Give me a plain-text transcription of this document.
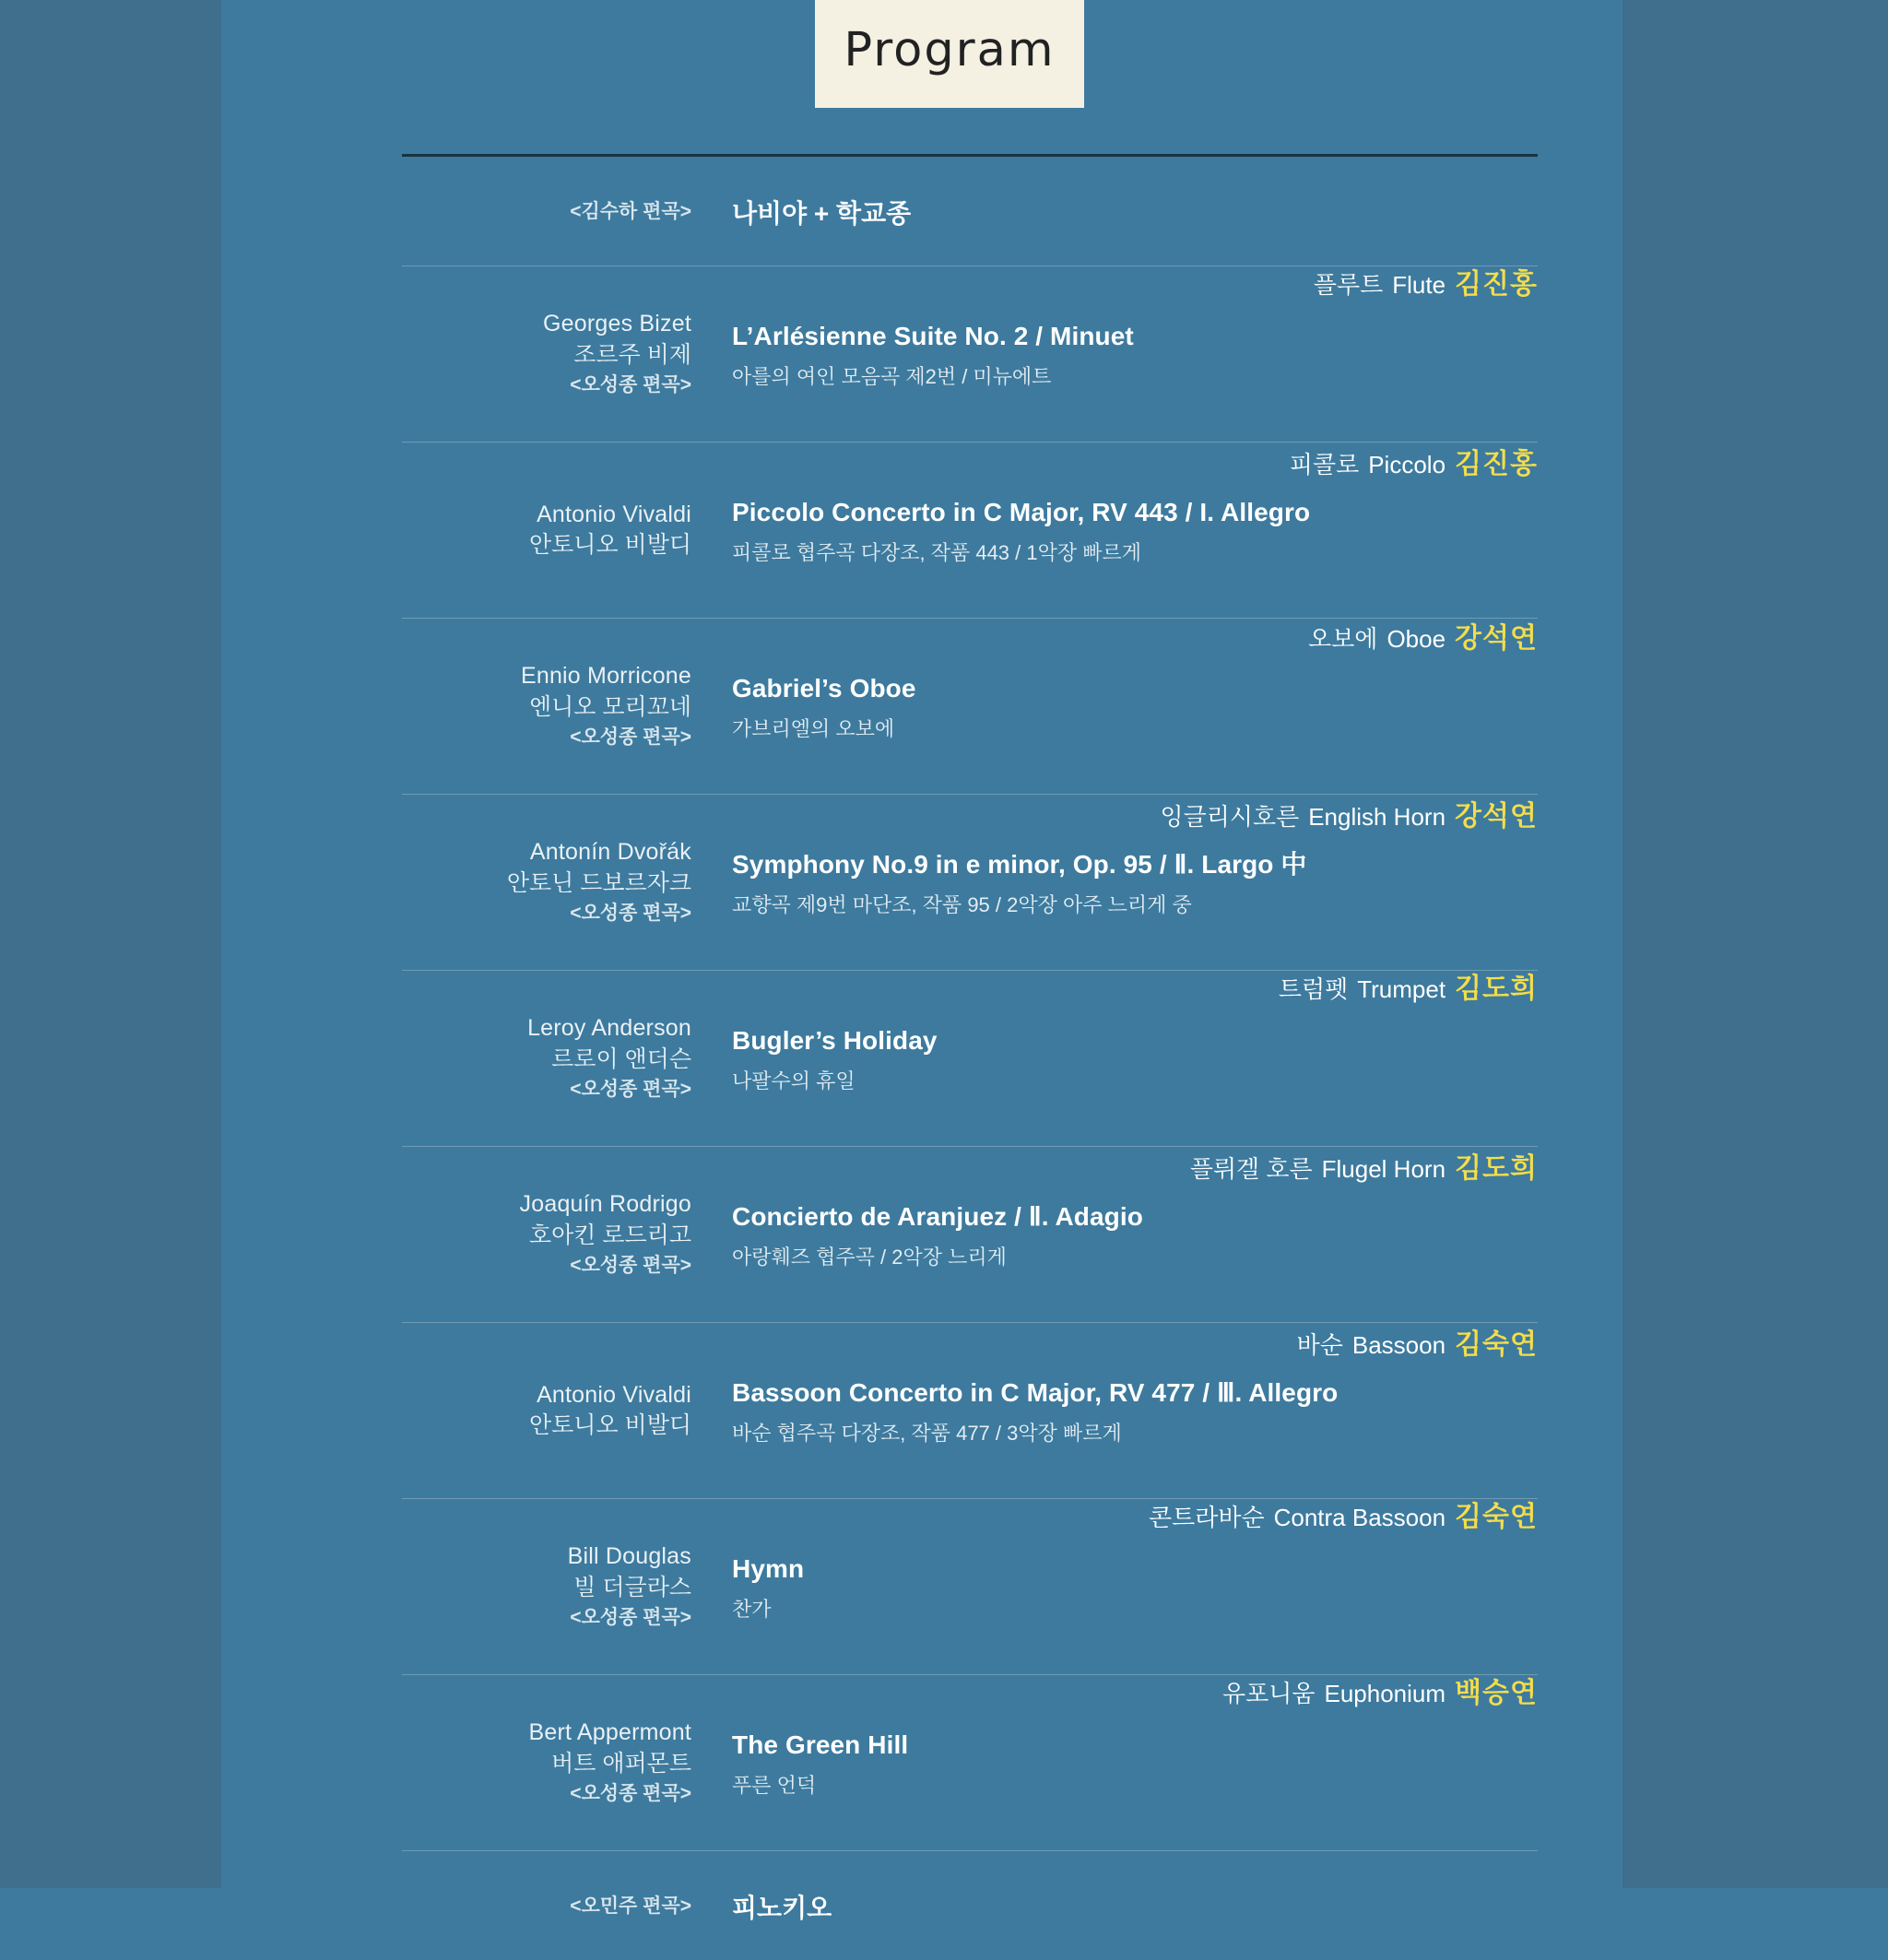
Program
<김수하 편곡> 나비야 + 학교종
Georges Bizet
조르주 비제
<오성종 편곡>
플루트 Flute 김진홍
L’Arlésienne Suite No. 2 / Minuet
아를의 여인 모음곡 제2번 / 미뉴에트
Antonio Vivaldi
안토니오 비발디
피콜로 Piccolo 김진홍
Piccolo Concerto in C Major, RV 443 / I. Allegro
피콜로 협주곡 다장조, 작품 443 / 1악장 빠르게
Ennio Morricone
엔니오 모리꼬네
<오성종 편곡>
오보에 Oboe 강석연
Gabriel’s Oboe
가브리엘의 오보에
Antonín Dvořák
안토닌 드보르자크
<오성종 편곡>
잉글리시호른 English Horn 강석연
Symphony No.9 in e minor, Op. 95 / Ⅱ. Largo 中
교향곡 제9번 마단조, 작품 95 / 2악장 아주 느리게 중
Leroy Anderson
르로이 앤더슨
<오성종 편곡>
트럼펫 Trumpet 김도희
Bugler’s Holiday
나팔수의 휴일
Joaquín Rodrigo
호아킨 로드리고
<오성종 편곡>
플뤼겔 호른 Flugel Horn 김도희
Concierto de Aranjuez / Ⅱ. Adagio
아랑훼즈 협주곡 / 2악장 느리게
Antonio Vivaldi
안토니오 비발디
바순 Bassoon 김숙연
Bassoon Concerto in C Major, RV 477 / Ⅲ. Allegro
바순 협주곡 다장조, 작품 477 / 3악장 빠르게
Bill Douglas
빌 더글라스
<오성종 편곡>
콘트라바순 Contra Bassoon 김숙연
Hymn
찬가
Bert Appermont
버트 애퍼몬트
<오성종 편곡>
유포니움 Euphonium 백승연
The Green Hill
푸른 언덕
<오민주 편곡> 피노키오
